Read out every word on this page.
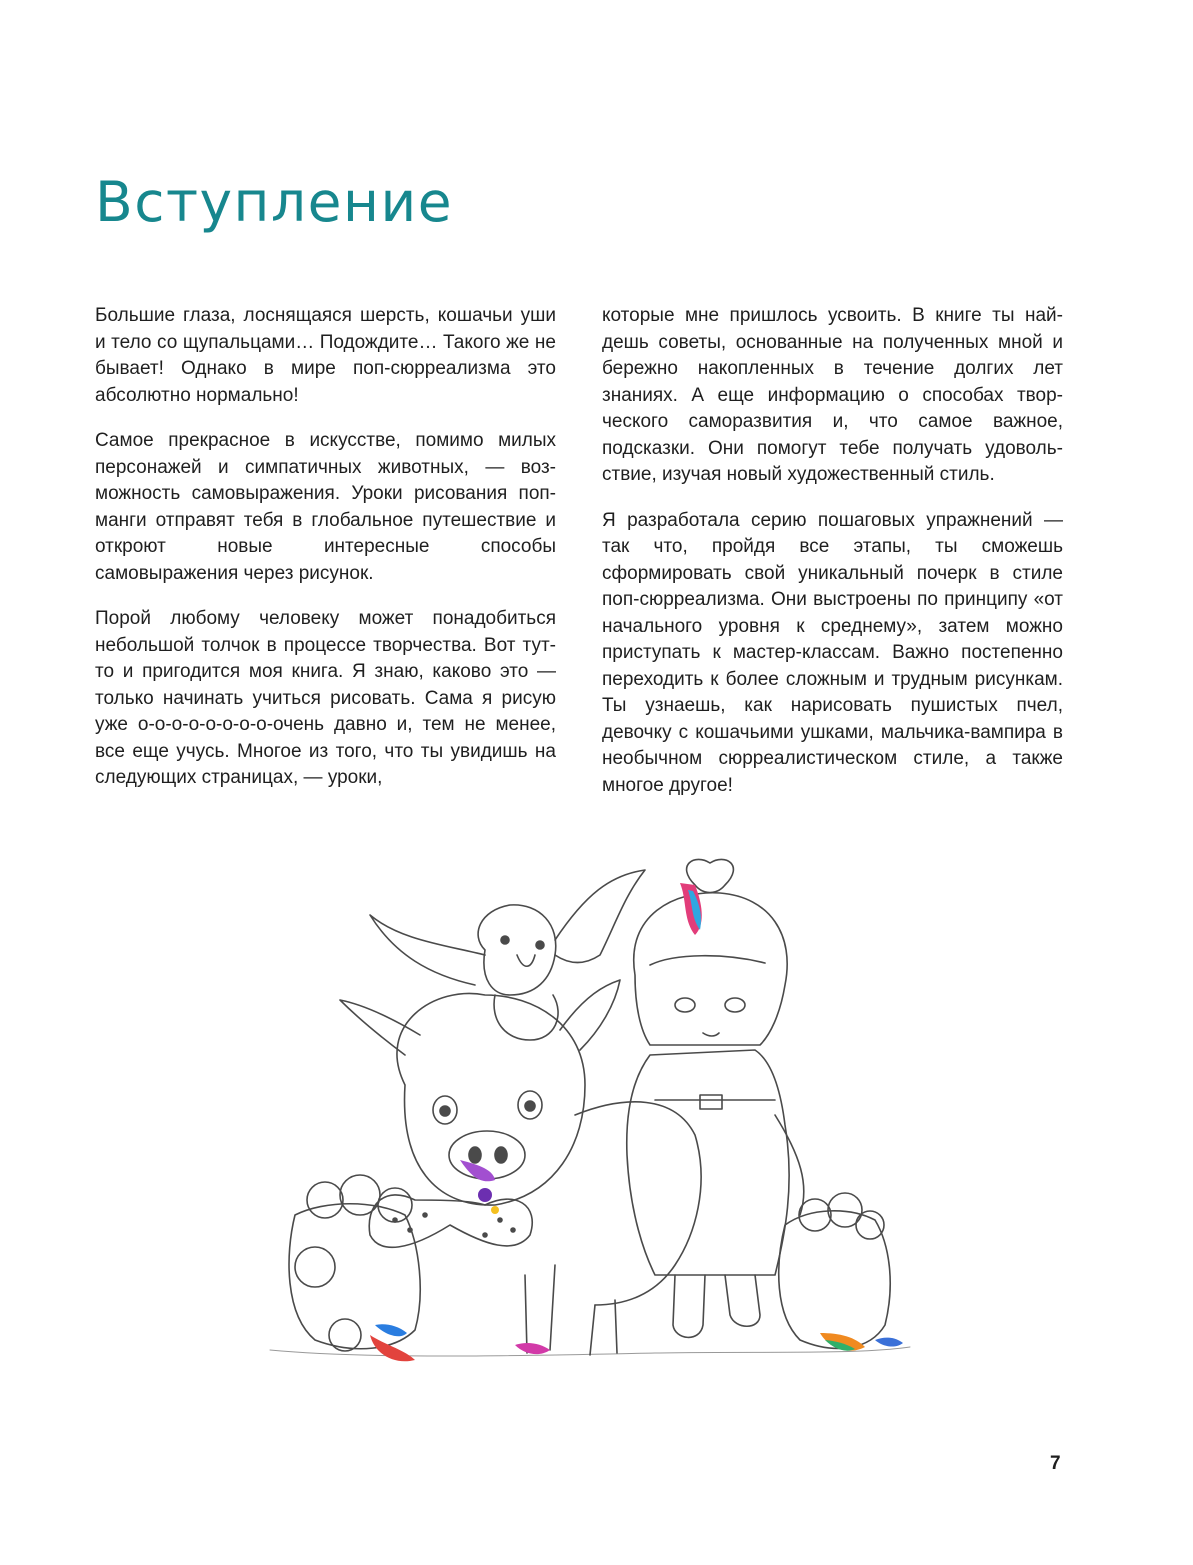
Вступление

Большие глаза, лоснящаяся шерсть, кошачьи уши и тело со щупальцами… Подождите… Такого же не бывает! Однако в мире поп-сюрреализма это абсолютно нормально!

Самое прекрасное в искусстве, помимо милых персонажей и симпатичных животных, — возможность самовыражения. Уроки рисования поп-манги отправят тебя в глобальное путешествие и откроют новые интересные способы самовыражения через рисунок.

Порой любому человеку может понадобиться небольшой толчок в процессе творчества. Вот тут-то и пригодится моя книга. Я знаю, каково это — только начинать учиться рисовать. Сама я рисую уже о-о-о-о-о-о-о-о-очень давно и, тем не менее, все еще учусь. Многое из того, что ты увидишь на следующих страницах, — уроки,

которые мне пришлось усвоить. В книге ты найдешь советы, основанные на полученных мной и бережно накопленных в течение долгих лет знаниях. А еще информацию о способах творческого саморазвития и, что самое важное, подсказки. Они помогут тебе получать удовольствие, изучая новый художественный стиль.

Я разработала серию пошаговых упражнений — так что, пройдя все этапы, ты сможешь сформировать свой уникальный почерк в стиле поп-сюрреализма. Они выстроены по принципу «от начального уровня к среднему», затем можно приступать к мастер-классам. Важно постепенно переходить к более сложным и трудным рисункам. Ты узнаешь, как нарисовать пушистых пчел, девочку с кошачьими ушками, мальчика-вампира в необычном сюрреалистическом стиле, а также многое другое!

7
